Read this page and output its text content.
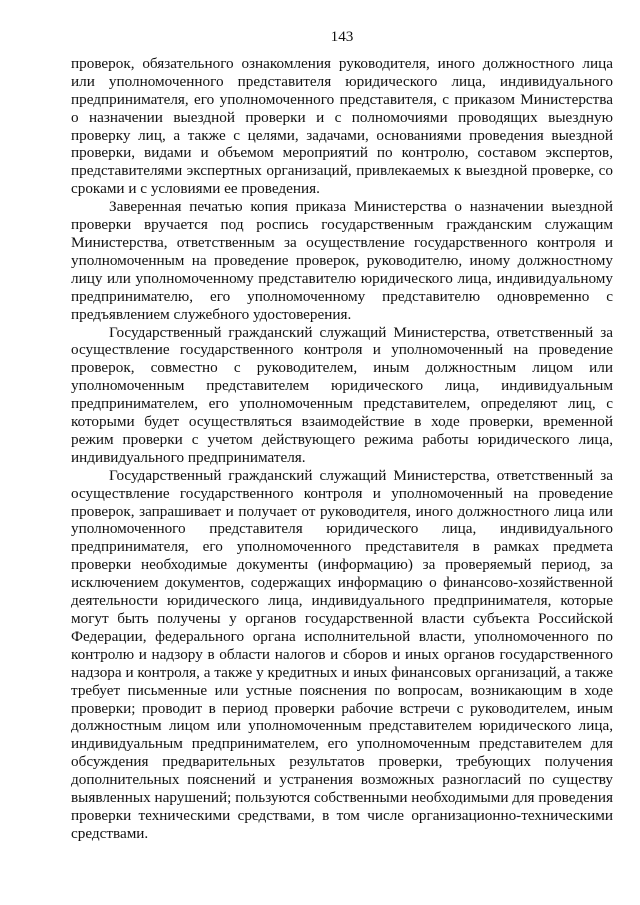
143

проверок, обязательного ознакомления руководителя, иного должностного лица или уполномоченного представителя юридического лица, индивидуального предпринимателя, его уполномоченного представителя, с приказом Министерства о назначении выездной проверки и с полномочиями проводящих выездную проверку лиц, а также с целями, задачами, основаниями проведения выездной проверки, видами и объемом мероприятий по контролю, составом экспертов, представителями экспертных организаций, привлекаемых к выездной проверке, со сроками и с условиями ее проведения.

Заверенная печатью копия приказа Министерства о назначении выездной проверки вручается под роспись государственным гражданским служащим Министерства, ответственным за осуществление государственного контроля и уполномоченным на проведение проверок, руководителю, иному должностному лицу или уполномоченному представителю юридического лица, индивидуальному предпринимателю, его уполномоченному представителю одновременно с предъявлением служебного удостоверения.

Государственный гражданский служащий Министерства, ответственный за осуществление государственного контроля и уполномоченный на проведение проверок, совместно с руководителем, иным должностным лицом или уполномоченным представителем юридического лица, индивидуальным предпринимателем, его уполномоченным представителем, определяют лиц, с которыми будет осуществляться взаимодействие в ходе проверки, временной режим проверки с учетом действующего режима работы юридического лица, индивидуального предпринимателя.

Государственный гражданский служащий Министерства, ответственный за осуществление государственного контроля и уполномоченный на проведение проверок, запрашивает и получает от руководителя, иного должностного лица или уполномоченного представителя юридического лица, индивидуального предпринимателя, его уполномоченного представителя в рамках предмета проверки необходимые документы (информацию) за проверяемый период, за исключением документов, содержащих информацию о финансово-хозяйственной деятельности юридического лица, индивидуального предпринимателя, которые могут быть получены у органов государственной власти субъекта Российской Федерации, федерального органа исполнительной власти, уполномоченного по контролю и надзору в области налогов и сборов и иных органов государственного надзора и контроля, а также у кредитных и иных финансовых организаций, а также требует письменные или устные пояснения по вопросам, возникающим в ходе проверки; проводит в период проверки рабочие встречи с руководителем, иным должностным лицом или уполномоченным представителем юридического лица, индивидуальным предпринимателем, его уполномоченным представителем для обсуждения предварительных результатов проверки, требующих получения дополнительных пояснений и устранения возможных разногласий по существу выявленных нарушений; пользуются собственными необходимыми для проведения проверки техническими средствами, в том числе организационно-техническими средствами.
